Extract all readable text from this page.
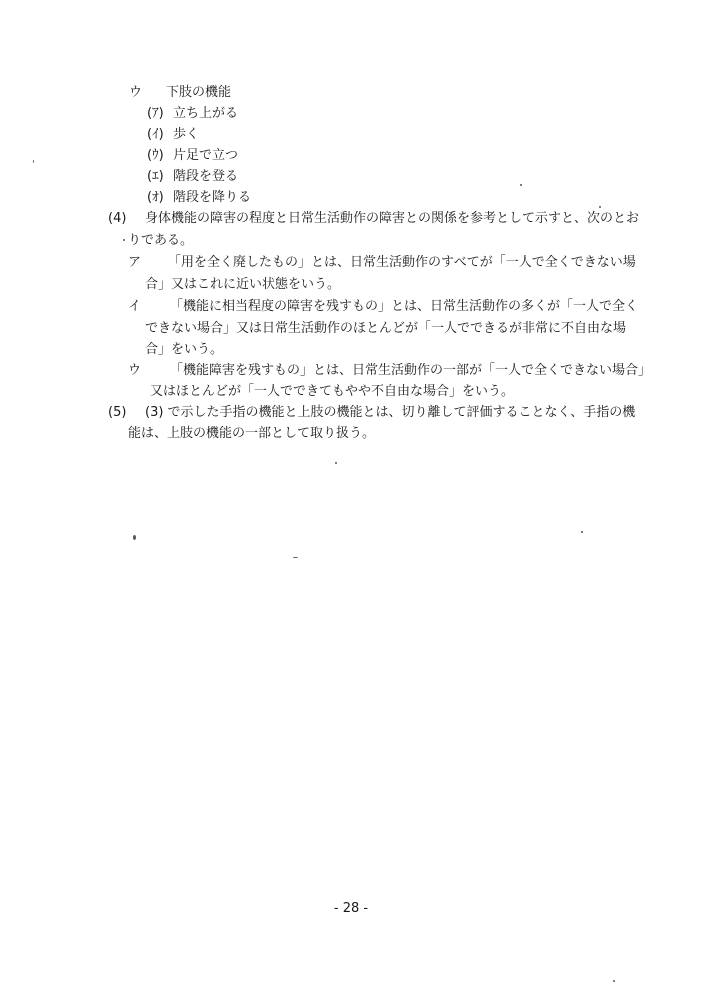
ウ 下肢の機能
(ｱ) 立ち上がる
(ｲ) 歩く
(ｳ) 片足で立つ
(ｴ) 階段を登る
(ｵ) 階段を降りる
(4) 身体機能の障害の程度と日常生活動作の障害との関係を参考として示すと、次のとお
りである。
ア 「用を全く廃したもの」とは、日常生活動作のすべてが「一人で全くできない場
合」又はこれに近い状態をいう。
イ 「機能に相当程度の障害を残すもの」とは、日常生活動作の多くが「一人で全く
できない場合」又は日常生活動作のほとんどが「一人でできるが非常に不自由な場
合」をいう。
ウ 「機能障害を残すもの」とは、日常生活動作の一部が「一人で全くできない場合」
又はほとんどが「一人でできてもやや不自由な場合」をいう。
(5) (3) で示した手指の機能と上肢の機能とは、切り離して評価することなく、手指の機
能は、上肢の機能の一部として取り扱う。
- 28 -
